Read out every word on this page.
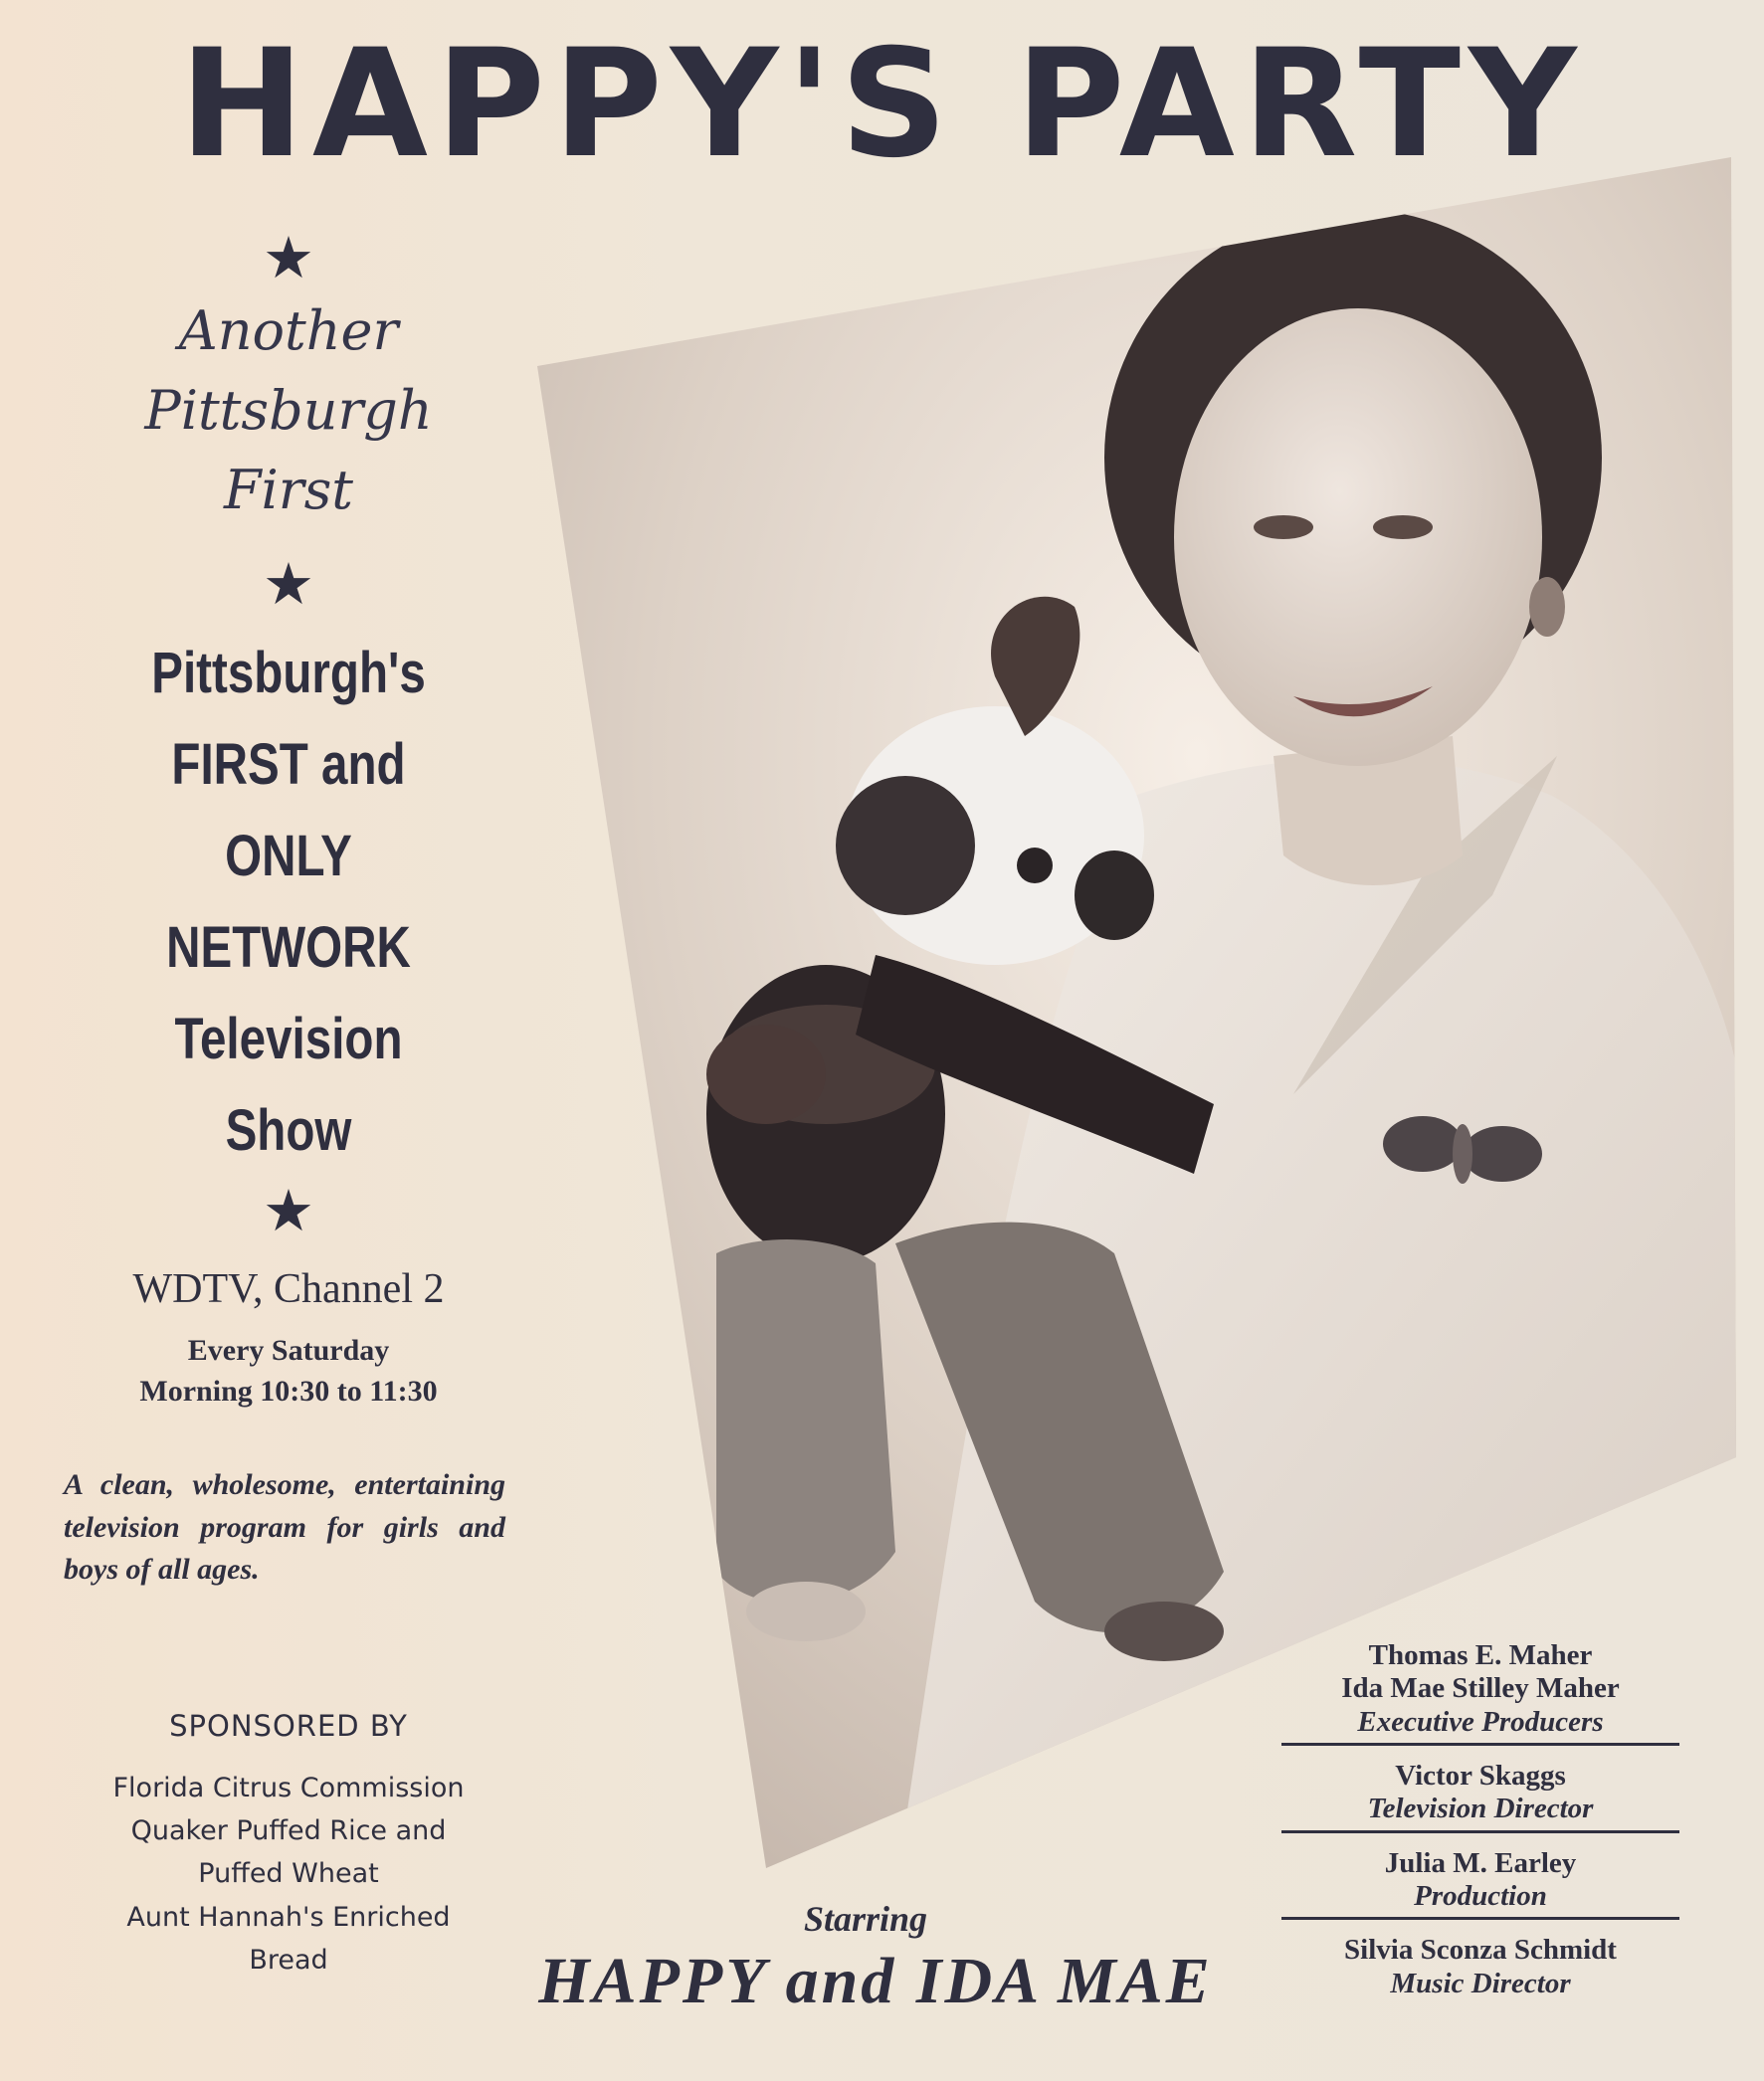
HAPPY'S PARTY
★
Another
Pittsburgh
First
★
Pittsburgh's
FIRST and
ONLY
NETWORK
Television
Show
★
WDTV, Channel 2
Every Saturday
Morning 10:30 to 11:30
A clean, wholesome, entertaining television program for girls and boys of all ages.
SPONSORED BY
Florida Citrus Commission
Quaker Puffed Rice and
Puffed Wheat
Aunt Hannah's Enriched
Bread
Starring
HAPPY and IDA MAE
Thomas E. Maher
Ida Mae Stilley Maher
Executive Producers
Victor Skaggs
Television Director
Julia M. Earley
Production
Silvia Sconza Schmidt
Music Director
